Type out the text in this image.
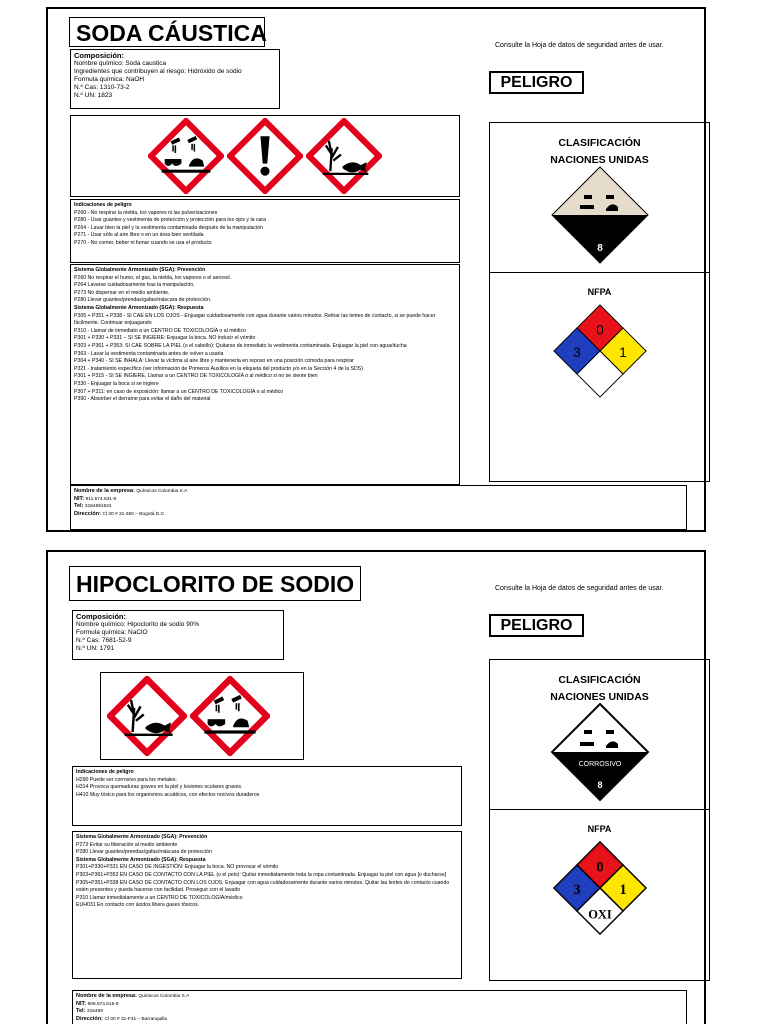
SODA CÁUSTICA	Consulte la Hoja de datos de seguridad antes de usar.
PELIGRO
Composición:
Nombre químico: Soda caustica
Ingredientes que contribuyen al riesgo: Hidróxido de sodio
Formula química: NaOH
N.º Cas: 1310-73-2
N.º UN: 1823
Indicaciones de peligro
P260 - No respirar la niebla, los vapores ni las pulverizaciones
P280 - Usar guantes y vestimenta de protección y protección para los ojos y la cara
P264 - Lavar bien la piel y la vestimenta contaminada después de la manipulación
P271 - Usar sólo al aire libre o en un área bien ventilada
P270 - No comer, beber ni fumar cuando se usa el producto
Sistema Globalmente Armonizado (SGA): Prevención
P260 No respirar el humo, el gas, la niebla, los vapores o el aerosol.
P264 Lavarse cuidadosamente tras la manipulación.
P273 No dispersar en el medio ambiente.
P280 Llevar guantes/prendas/gafas/máscara de protección.
Sistema Globalmente Armonizado (SGA): Respuesta
P305 + P351 + P338 - SI CAE EN LOS OJOS - Enjuagar cuidadosamente con agua durante varios minutos. Retirar las lentes de contacto, si se puede hacer fácilmente. Continuar enjuagando
P310 - Llamar de inmediato a un CENTRO DE TOXICOLOGÍA o al médico
P301 + P330 + P331 – SI SE INGIERE: Enjuagar la boca. NO inducir el vómito
P303 + P361 + P353: SI CAE SOBRE LA PIEL (o el cabello): Quitarse de inmediato la vestimenta contaminada. Enjuagar la piel con agua/ducha
P363 - Lavar la vestimenta contaminada antes de volver a usarla
P304 + P340 - SI SE INHALA: Llevar la víctima al aire libre y mantenerla en reposo en una posición cómoda para respirar
P321 - tratamiento específico (ver información de Primeros Auxilios en la etiqueta del producto y/o en la Sección 4 de la SDS)
P301 + P315 - SI SE INGIERE, Llamar a un CENTRO DE TOXICOLOGÍA o al médico si no se siente bien
P330 - Enjuagar la boca si se ingiere
P307 + P311: en caso de exposición: llamar a un CENTRO DE TOXICOLOGÍA o al médico
P390 - Absorber el derrame para evitar el daño del material
Nombre de la empresa: Químicos Colombia S.A
NIT: 911.574.531-9
Tel: 3154691624
Dirección: Cl 30 # 31-350 – Bogotá D.C
CLASIFICACIÓN
NACIONES UNIDAS
8
NFPA
0
3	1
HIPOCLORITO DE SODIO	Consulte la Hoja de datos de seguridad antes de usar.
PELIGRO
Composición:
Nombre químico: Hipoclorito de sodio 90%
Formula química: NaClO
N.º Cas: 7681-52-9
N.º UN: 1791
Indicaciones de peligro
H290 Puede ser corrosivo para los metales.
H314 Provoca quemaduras graves en la piel y lesiones oculares graves.
H410 Muy tóxico para los organismos acuáticos, con efectos nocivos duraderos
Sistema Globalmente Armonizado (SGA): Prevención
P273 Evitar su liberación al medio ambiente
P280 Llevar guantes/prendas/gafas/máscara de protección
Sistema Globalmente Armonizado (SGA): Respuesta
P301+P330+P331 EN CASO DE INGESTIÓN: Enjuagar la boca. NO provocar el vómito
P303+P361+P353 EN CASO DE CONTACTO CON LA PIEL (o el pelo): Quitar inmediatamente toda la ropa contaminada. Enjuagar la piel con agua [o ducharse]
P305+P351+P338 EN CASO DE CONTACTO CON LOS OJOS: Enjuagar con agua cuidadosamente durante varios minutos. Quitar las lentes de contacto cuando estén presentes y pueda hacerse con facilidad. Proseguir con el lavado
P310 Llamar inmediatamente a un CENTRO DE TOXICOLOGÍA/médico
EUH031 En contacto con ácidos libera gases tóxicos.
Nombre de la empresa: Químicos Colombia S.A
NIT: 906.574.516-9
Tel: 315469
Dirección: Cl 30 # 31-F31 – Barranquilla
CLASIFICACIÓN
NACIONES UNIDAS
CORROSIVO
8
NFPA
0
3	1
OXI
